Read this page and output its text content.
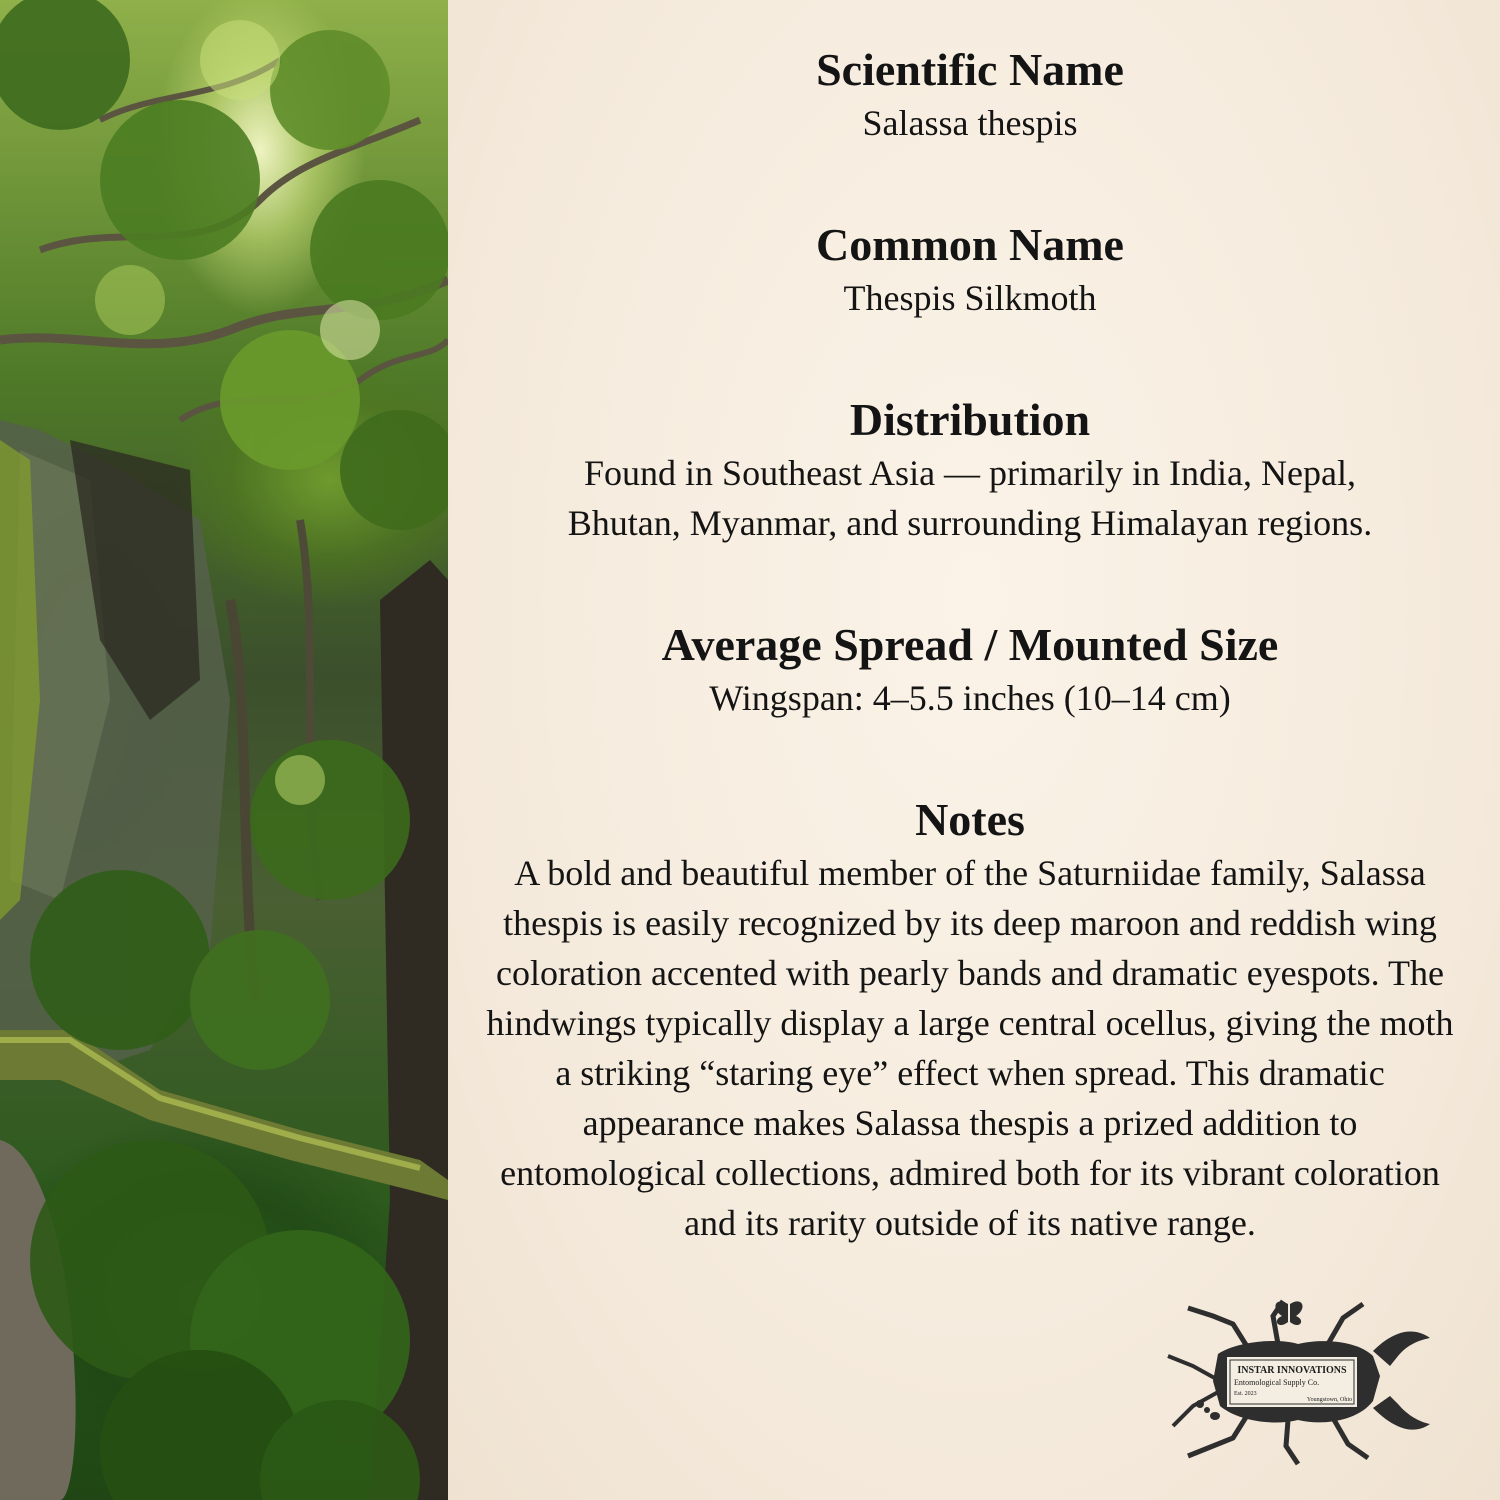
Scientific Name
Salassa thespis
Common Name
Thespis Silkmoth
Distribution
Found in Southeast Asia — primarily in India, Nepal,
Bhutan, Myanmar, and surrounding Himalayan regions.
Average Spread / Mounted Size
Wingspan: 4–5.5 inches (10–14 cm)
Notes
A bold and beautiful member of the Saturniidae family, Salassa thespis is easily recognized by its deep maroon and reddish wing coloration accented with pearly bands and dramatic eyespots. The hindwings typically display a large central ocellus, giving the moth a striking “staring eye” effect when spread. This dramatic appearance makes Salassa thespis a prized addition to entomological collections, admired both for its vibrant coloration and its rarity outside of its native range.
INSTAR INNOVATIONS
Entomological Supply Co.
Est. 2023
Youngstown, Ohio
